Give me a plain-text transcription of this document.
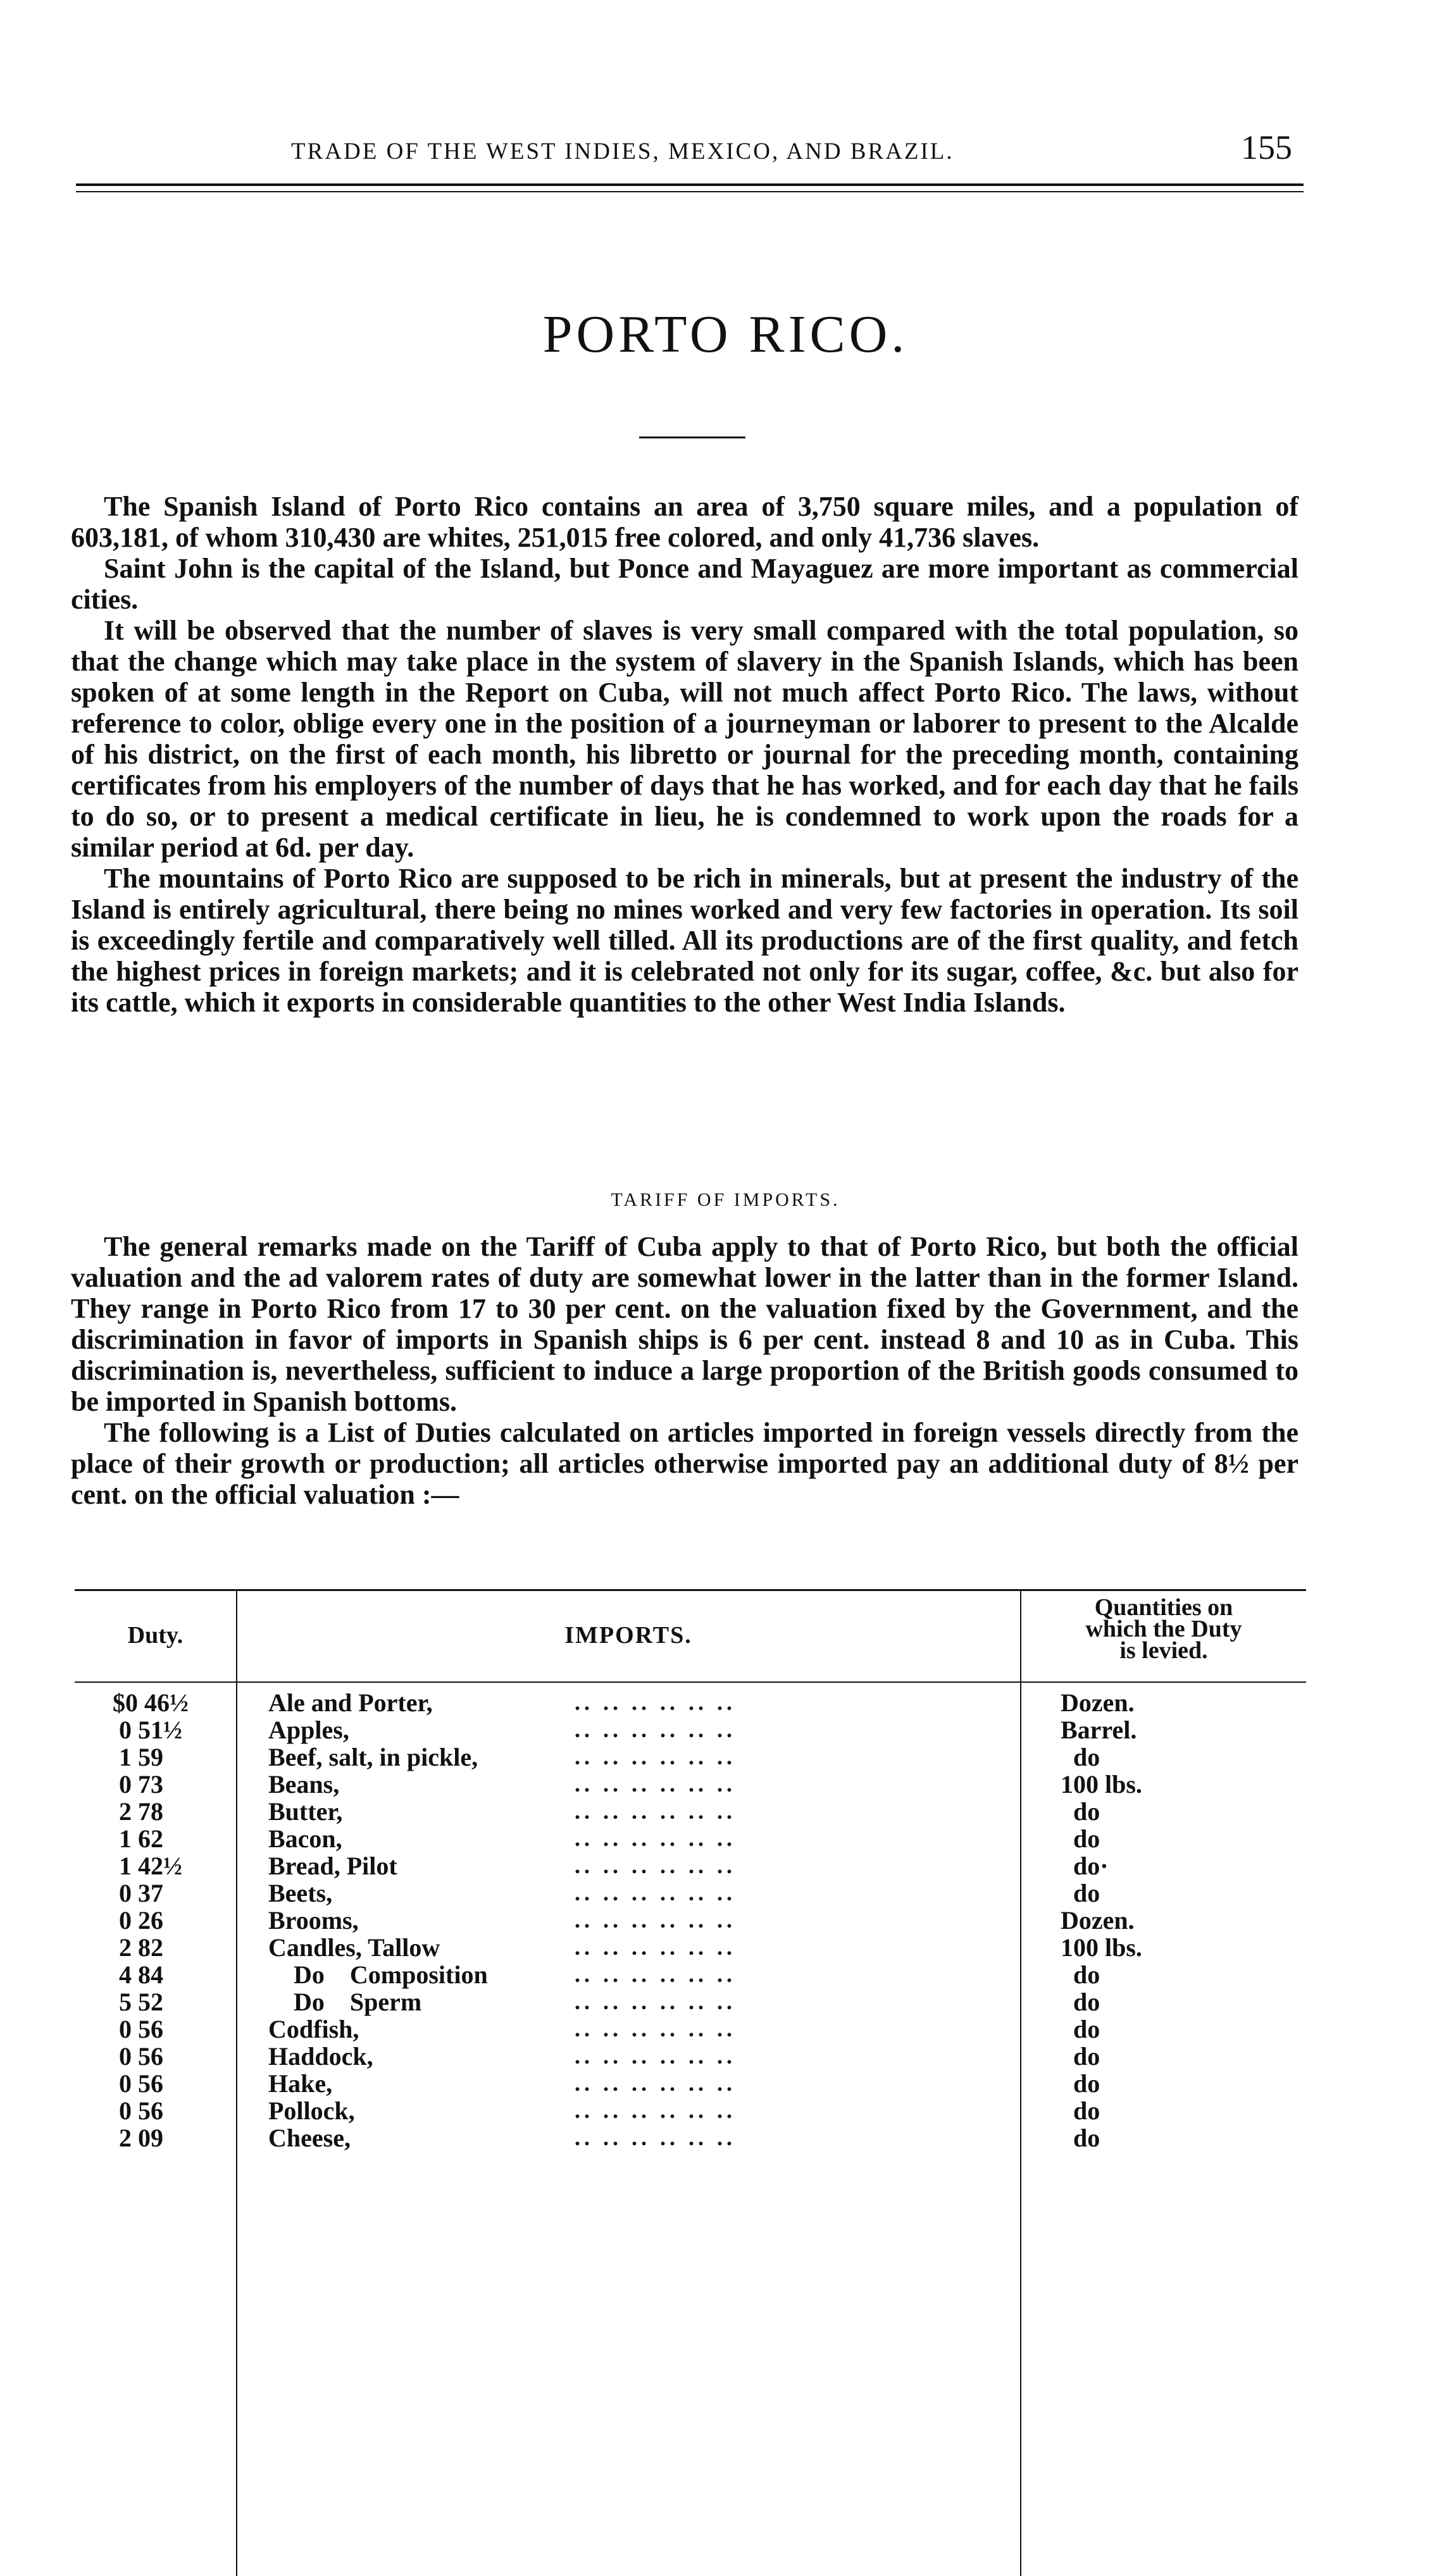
TRADE OF THE WEST INDIES, MEXICO, AND BRAZIL.	155
PORTO RICO.

The Spanish Island of Porto Rico contains an area of 3,750 square miles, and a population of 603,181, of whom 310,430 are whites, 251,015 free colored, and only 41,736 slaves.

Saint John is the capital of the Island, but Ponce and Mayaguez are more important as commercial cities.

It will be observed that the number of slaves is very small compared with the total population, so that the change which may take place in the system of slavery in the Spanish Islands, which has been spoken of at some length in the Report on Cuba, will not much affect Porto Rico. The laws, without reference to color, oblige every one in the position of a journeyman or laborer to present to the Alcalde of his district, on the first of each month, his libretto or journal for the preceding month, containing certificates from his employers of the number of days that he has worked, and for each day that he fails to do so, or to present a medical certificate in lieu, he is condemned to work upon the roads for a similar period at 6d. per day.

The mountains of Porto Rico are supposed to be rich in minerals, but at present the industry of the Island is entirely agricultural, there being no mines worked and very few factories in operation. Its soil is exceedingly fertile and comparatively well tilled. All its productions are of the first quality, and fetch the highest prices in foreign markets; and it is celebrated not only for its sugar, coffee, &c. but also for its cattle, which it exports in considerable quantities to the other West India Islands.

TARIFF OF IMPORTS.

The general remarks made on the Tariff of Cuba apply to that of Porto Rico, but both the official valuation and the ad valorem rates of duty are somewhat lower in the latter than in the former Island. They range in Porto Rico from 17 to 30 per cent. on the valuation fixed by the Government, and the discrimination in favor of imports in Spanish ships is 6 per cent. instead 8 and 10 as in Cuba. This discrimination is, nevertheless, sufficient to induce a large proportion of the British goods consumed to be imported in Spanish bottoms.

The following is a List of Duties calculated on articles imported in foreign vessels directly from the place of their growth or production; all articles otherwise imported pay an additional duty of 8½ per cent. on the official valuation :—

Duty.	IMPORTS.
Quantities on
which the Duty
is levied.
$0 46½	Ale and Porter,	.. .. .. .. .. ..	Dozen.
0 51½	Apples,	.. .. .. .. .. ..	Barrel.
1 59	Beef, salt, in pickle,	.. .. .. .. .. ..	do
0 73	Beans,	.. .. .. .. .. ..	100 lbs.
2 78	Butter,	.. .. .. .. .. ..	do
1 62	Bacon,	.. .. .. .. .. ..	do
1 42½	Bread, Pilot	.. .. .. .. .. ..	do·
0 37	Beets,	.. .. .. .. .. ..	do
0 26	Brooms,	.. .. .. .. .. ..	Dozen.
2 82	Candles, Tallow	.. .. .. .. .. ..	100 lbs.
4 84	Do    Composition	.. .. .. .. .. ..	do
5 52	Do    Sperm	.. .. .. .. .. ..	do
0 56	Codfish,	.. .. .. .. .. ..	do
0 56	Haddock,	.. .. .. .. .. ..	do
0 56	Hake,	.. .. .. .. .. ..	do
0 56	Pollock,	.. .. .. .. .. ..	do
2 09	Cheese,	.. .. .. .. .. ..	do
